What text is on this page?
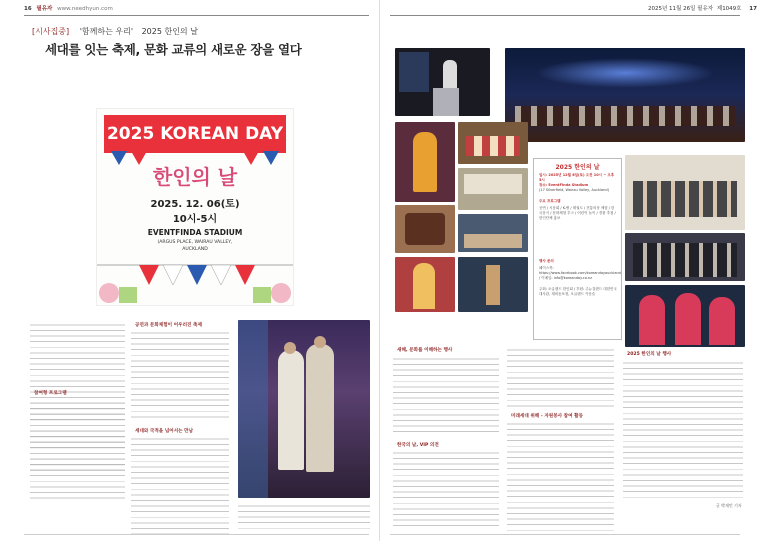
16 필유자 www.needhyun.com	2025년 11월 26일 필유자 제1049호 17
[시사집중] '함께하는 우리' 2025 한인의 날
세대를 잇는 축제, 문화 교류의 새로운 장을 열다
2025 KOREAN DAY
한인의 날
2025. 12. 06(토)
10시-5시
EVENTFINDA STADIUM
(ARGUS PLACE, WAIRAU VALLEY,
AUCKLAND
참여형 프로그램
공연과 문화체험이 어우러진 축제
세대와 국적을 넘어서는 만남
2025 한인의 날
일시: 2025년 12월 6일(토) 오전 10시 ~ 오후 5시
장소: EventFinda Stadium
(17 Silverfield, Wairau Valley, Auckland)
주요 프로그램
공연 / 시음회 / K-팝 / 태권도 / 전통의상 체험 / 한국음식 / 문화체험 부스 / 어린이 놀이 / 경품 추첨 / 한인단체 홍보
행사 문의
페이스북: https://www.facebook.com/koreandayauckland / 이메일: info@koreanday.co.nz
주최: 오클랜드 한인회 / 후원: 주뉴질랜드 대한민국 대사관, 재외동포청, 오클랜드 카운슬
새해, 문화를 이해하는 행사
한국의 날, VIP 의전
미래세대 위해 - 자원봉사 참여 활동
2025 한인의 날 행사
글 박재민 기자
